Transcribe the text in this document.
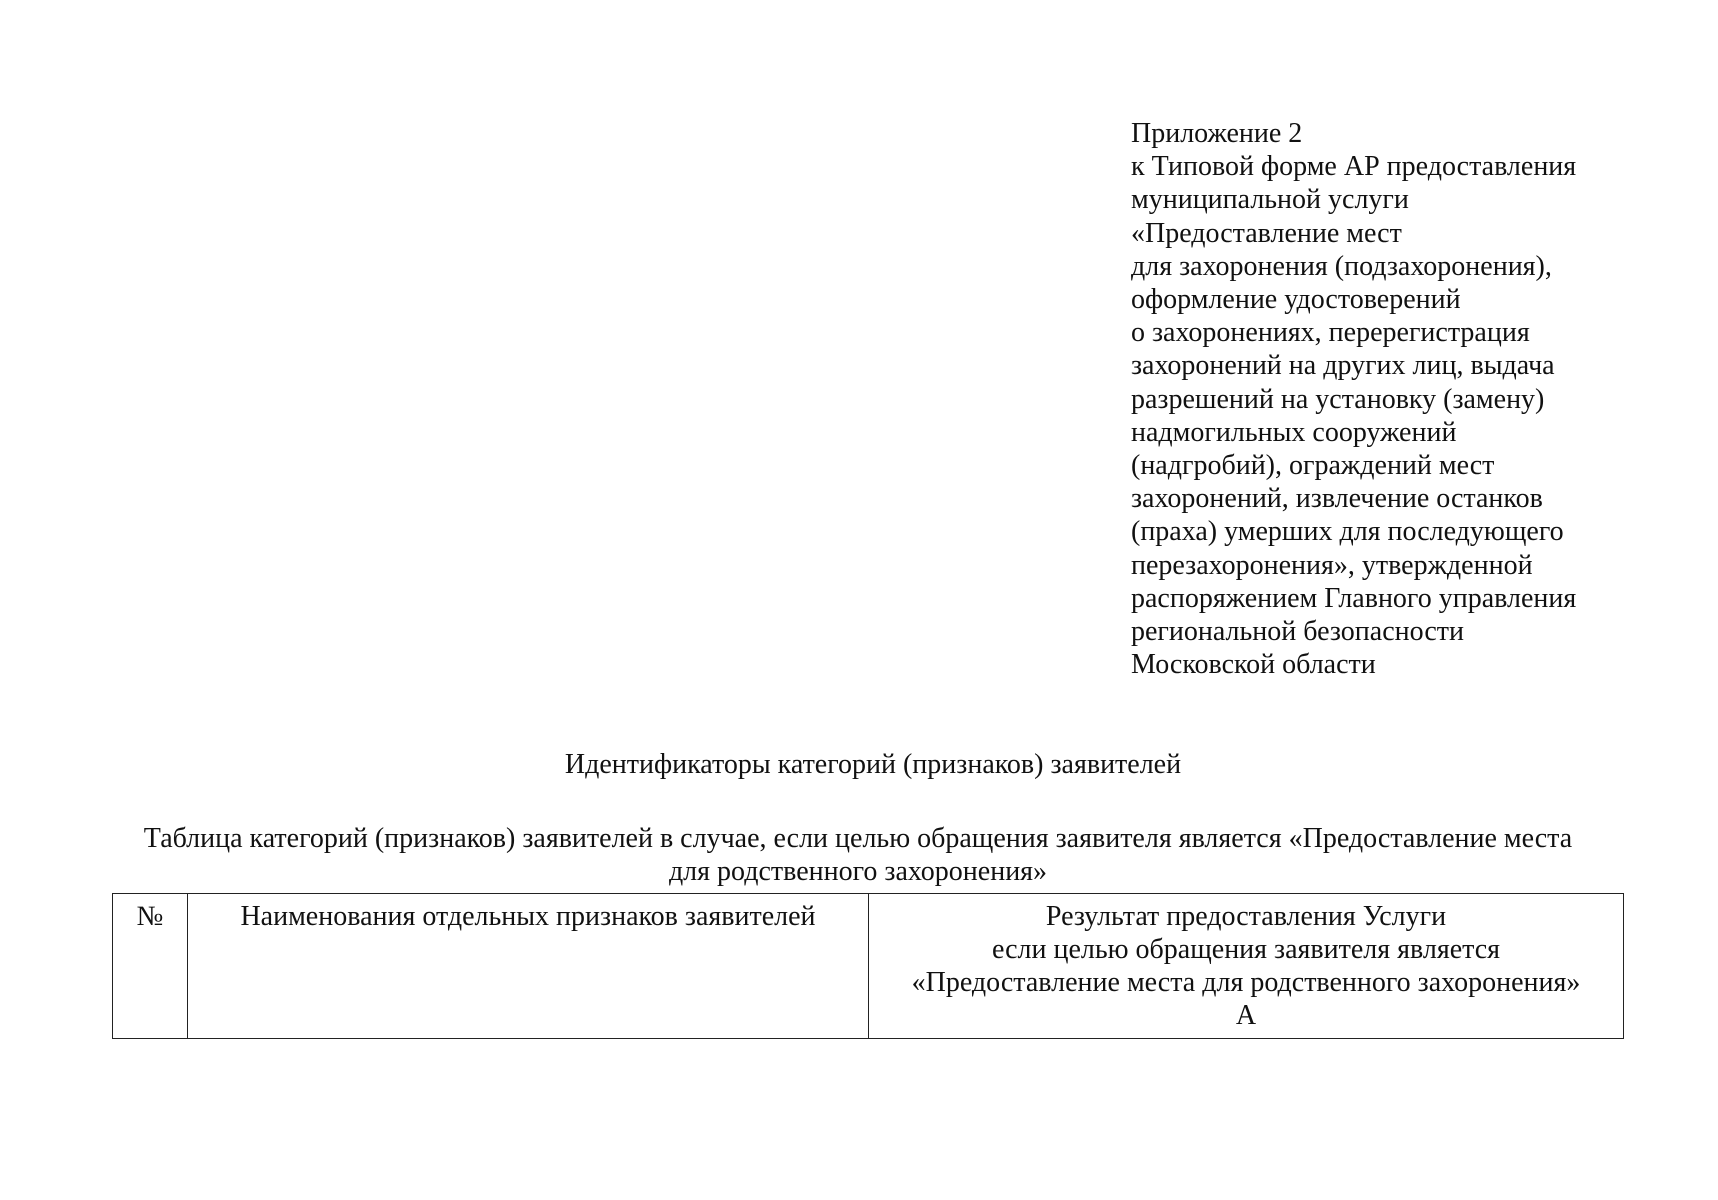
Приложение 2
к Типовой форме АР предоставления
муниципальной услуги
«Предоставление мест
для захоронения (подзахоронения),
оформление удостоверений
о захоронениях, перерегистрация
захоронений на других лиц, выдача
разрешений на установку (замену)
надмогильных сооружений
(надгробий), ограждений мест
захоронений, извлечение останков
(праха) умерших для последующего
перезахоронения», утвержденной
распоряжением Главного управления
региональной безопасности
Московской области
Идентификаторы категорий (признаков) заявителей
Таблица категорий (признаков) заявителей в случае, если целью обращения заявителя является «Предоставление места
для родственного захоронения»
№	Наименования отдельных признаков заявителей	Результат предоставления Услуги
если целью обращения заявителя является
«Предоставление места для родственного захоронения»
А
